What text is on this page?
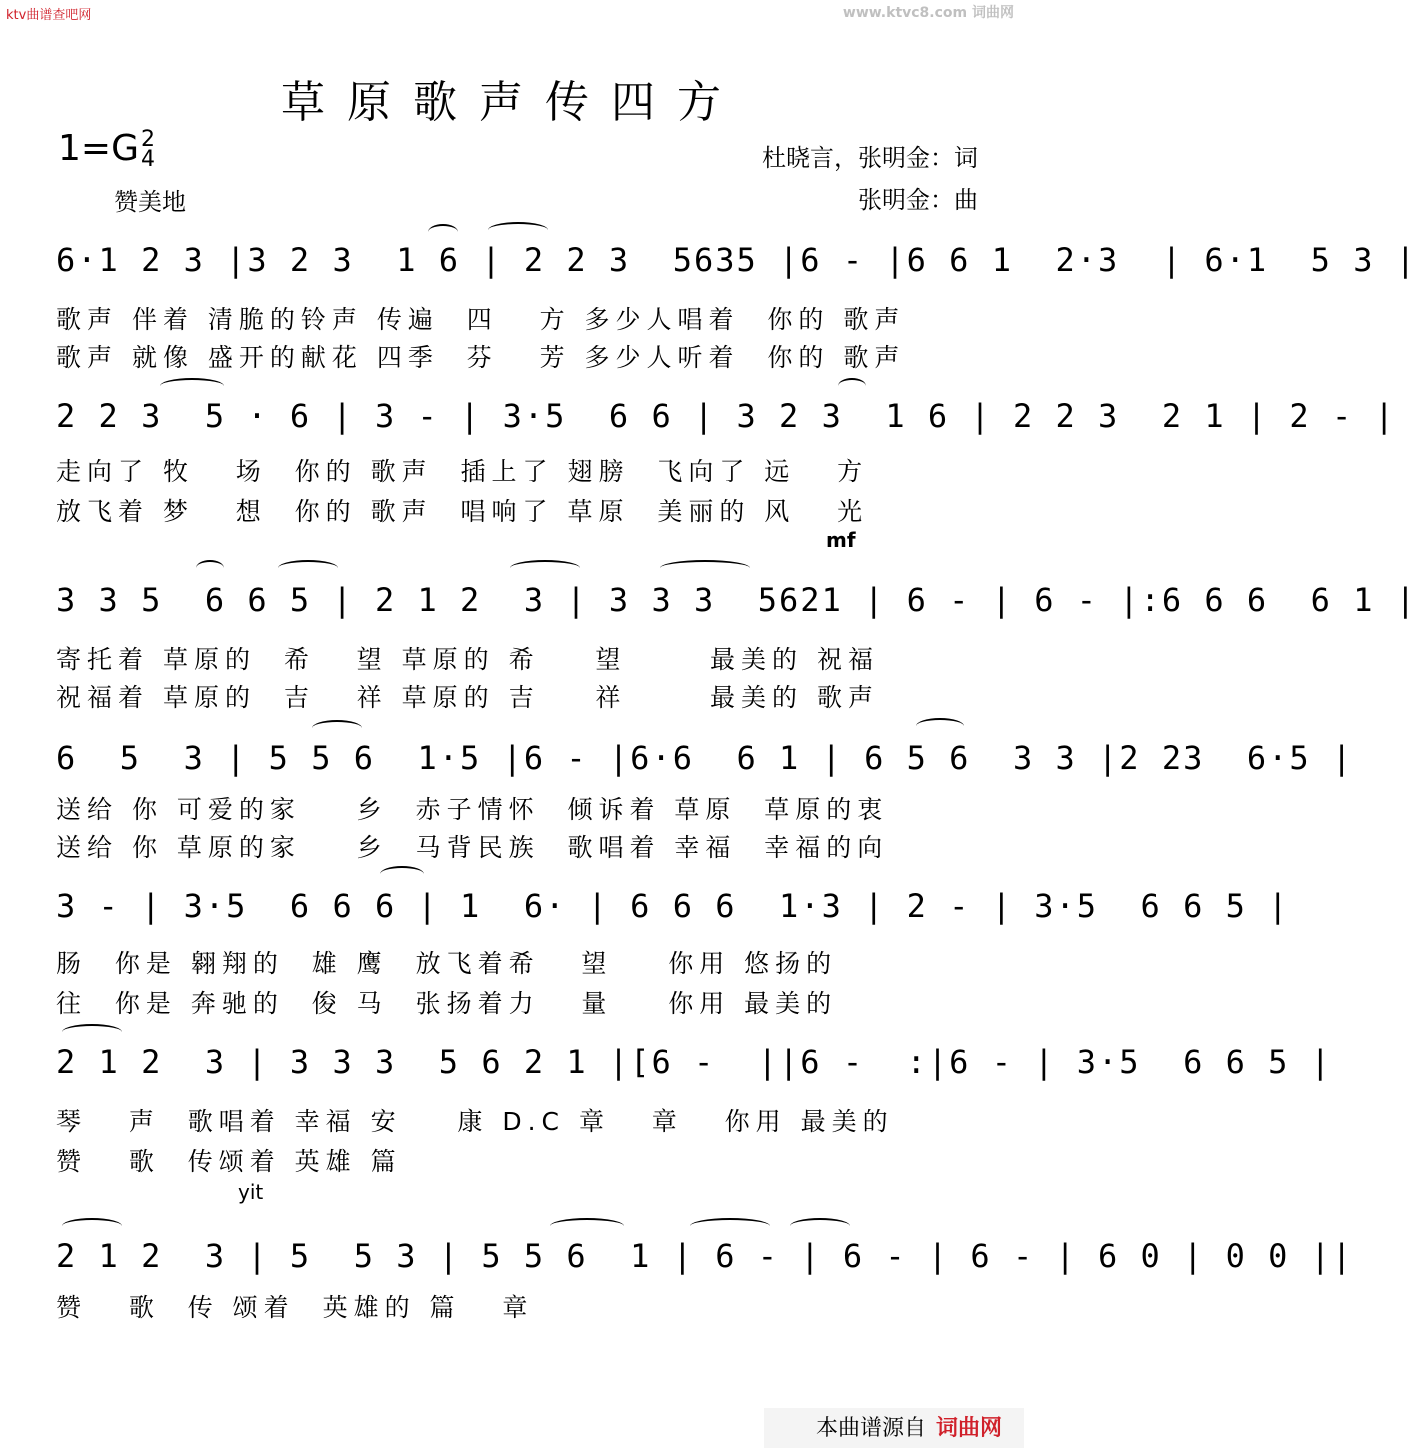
ktv曲谱查吧网	www.ktvc8.com 词曲网
草原歌声传四方
1=G2
4	杜晓言，张明金：词
张明金：曲
赞美地
6·1 2 3 |3 2 3  1 6 | 2 2 3  5635 |6 - |6 6 1  2·3  | 6·1  5 3 |
歌声 伴着 清脆的铃声 传遍  四   方 多少人唱着  你的 歌声
歌声 就像 盛开的献花 四季  芬   芳 多少人听着  你的 歌声
2 2 3  5 · 6 | 3 - | 3·5  6 6 | 3 2 3  1 6 | 2 2 3  2 1 | 2 - |
走向了 牧   场  你的 歌声  插上了 翅膀  飞向了 远   方
放飞着 梦   想  你的 歌声  唱响了 草原  美丽的 风   光
mf
3 3 5  6 6 5 | 2 1 2  3 | 3 3 3  5621 | 6 - | 6 - |:6 6 6  6 1 |
寄托着 草原的  希   望 草原的 希    望      最美的 祝福
祝福着 草原的  吉   祥 草原的 吉    祥      最美的 歌声
6  5  3 | 5 5 6  1·5 |6 - |6·6  6 1 | 6 5 6  3 3 |2 23  6·5 |
送给 你 可爱的家    乡  赤子情怀  倾诉着 草原  草原的衷
送给 你 草原的家    乡  马背民族  歌唱着 幸福  幸福的向
3 - | 3·5  6 6 6 | 1  6· | 6 6 6  1·3 | 2 - | 3·5  6 6 5 |
肠  你是 翱翔的  雄 鹰  放飞着希   望    你用 悠扬的
往  你是 奔驰的  俊 马  张扬着力   量    你用 最美的
2 1 2  3 | 3 3 3  5 6 2 1 |[6 -  ||6 -  :|6 - | 3·5  6 6 5 |
琴   声  歌唱着 幸福 安    康 D.C 章   章   你用 最美的
赞   歌  传颂着 英雄 篇
yit
2 1 2  3 | 5  5 3 | 5 5 6  1 | 6 - | 6 - | 6 - | 6 0 | 0 0 ||
赞   歌  传 颂着  英雄的 篇   章
本曲谱源自 词曲网
